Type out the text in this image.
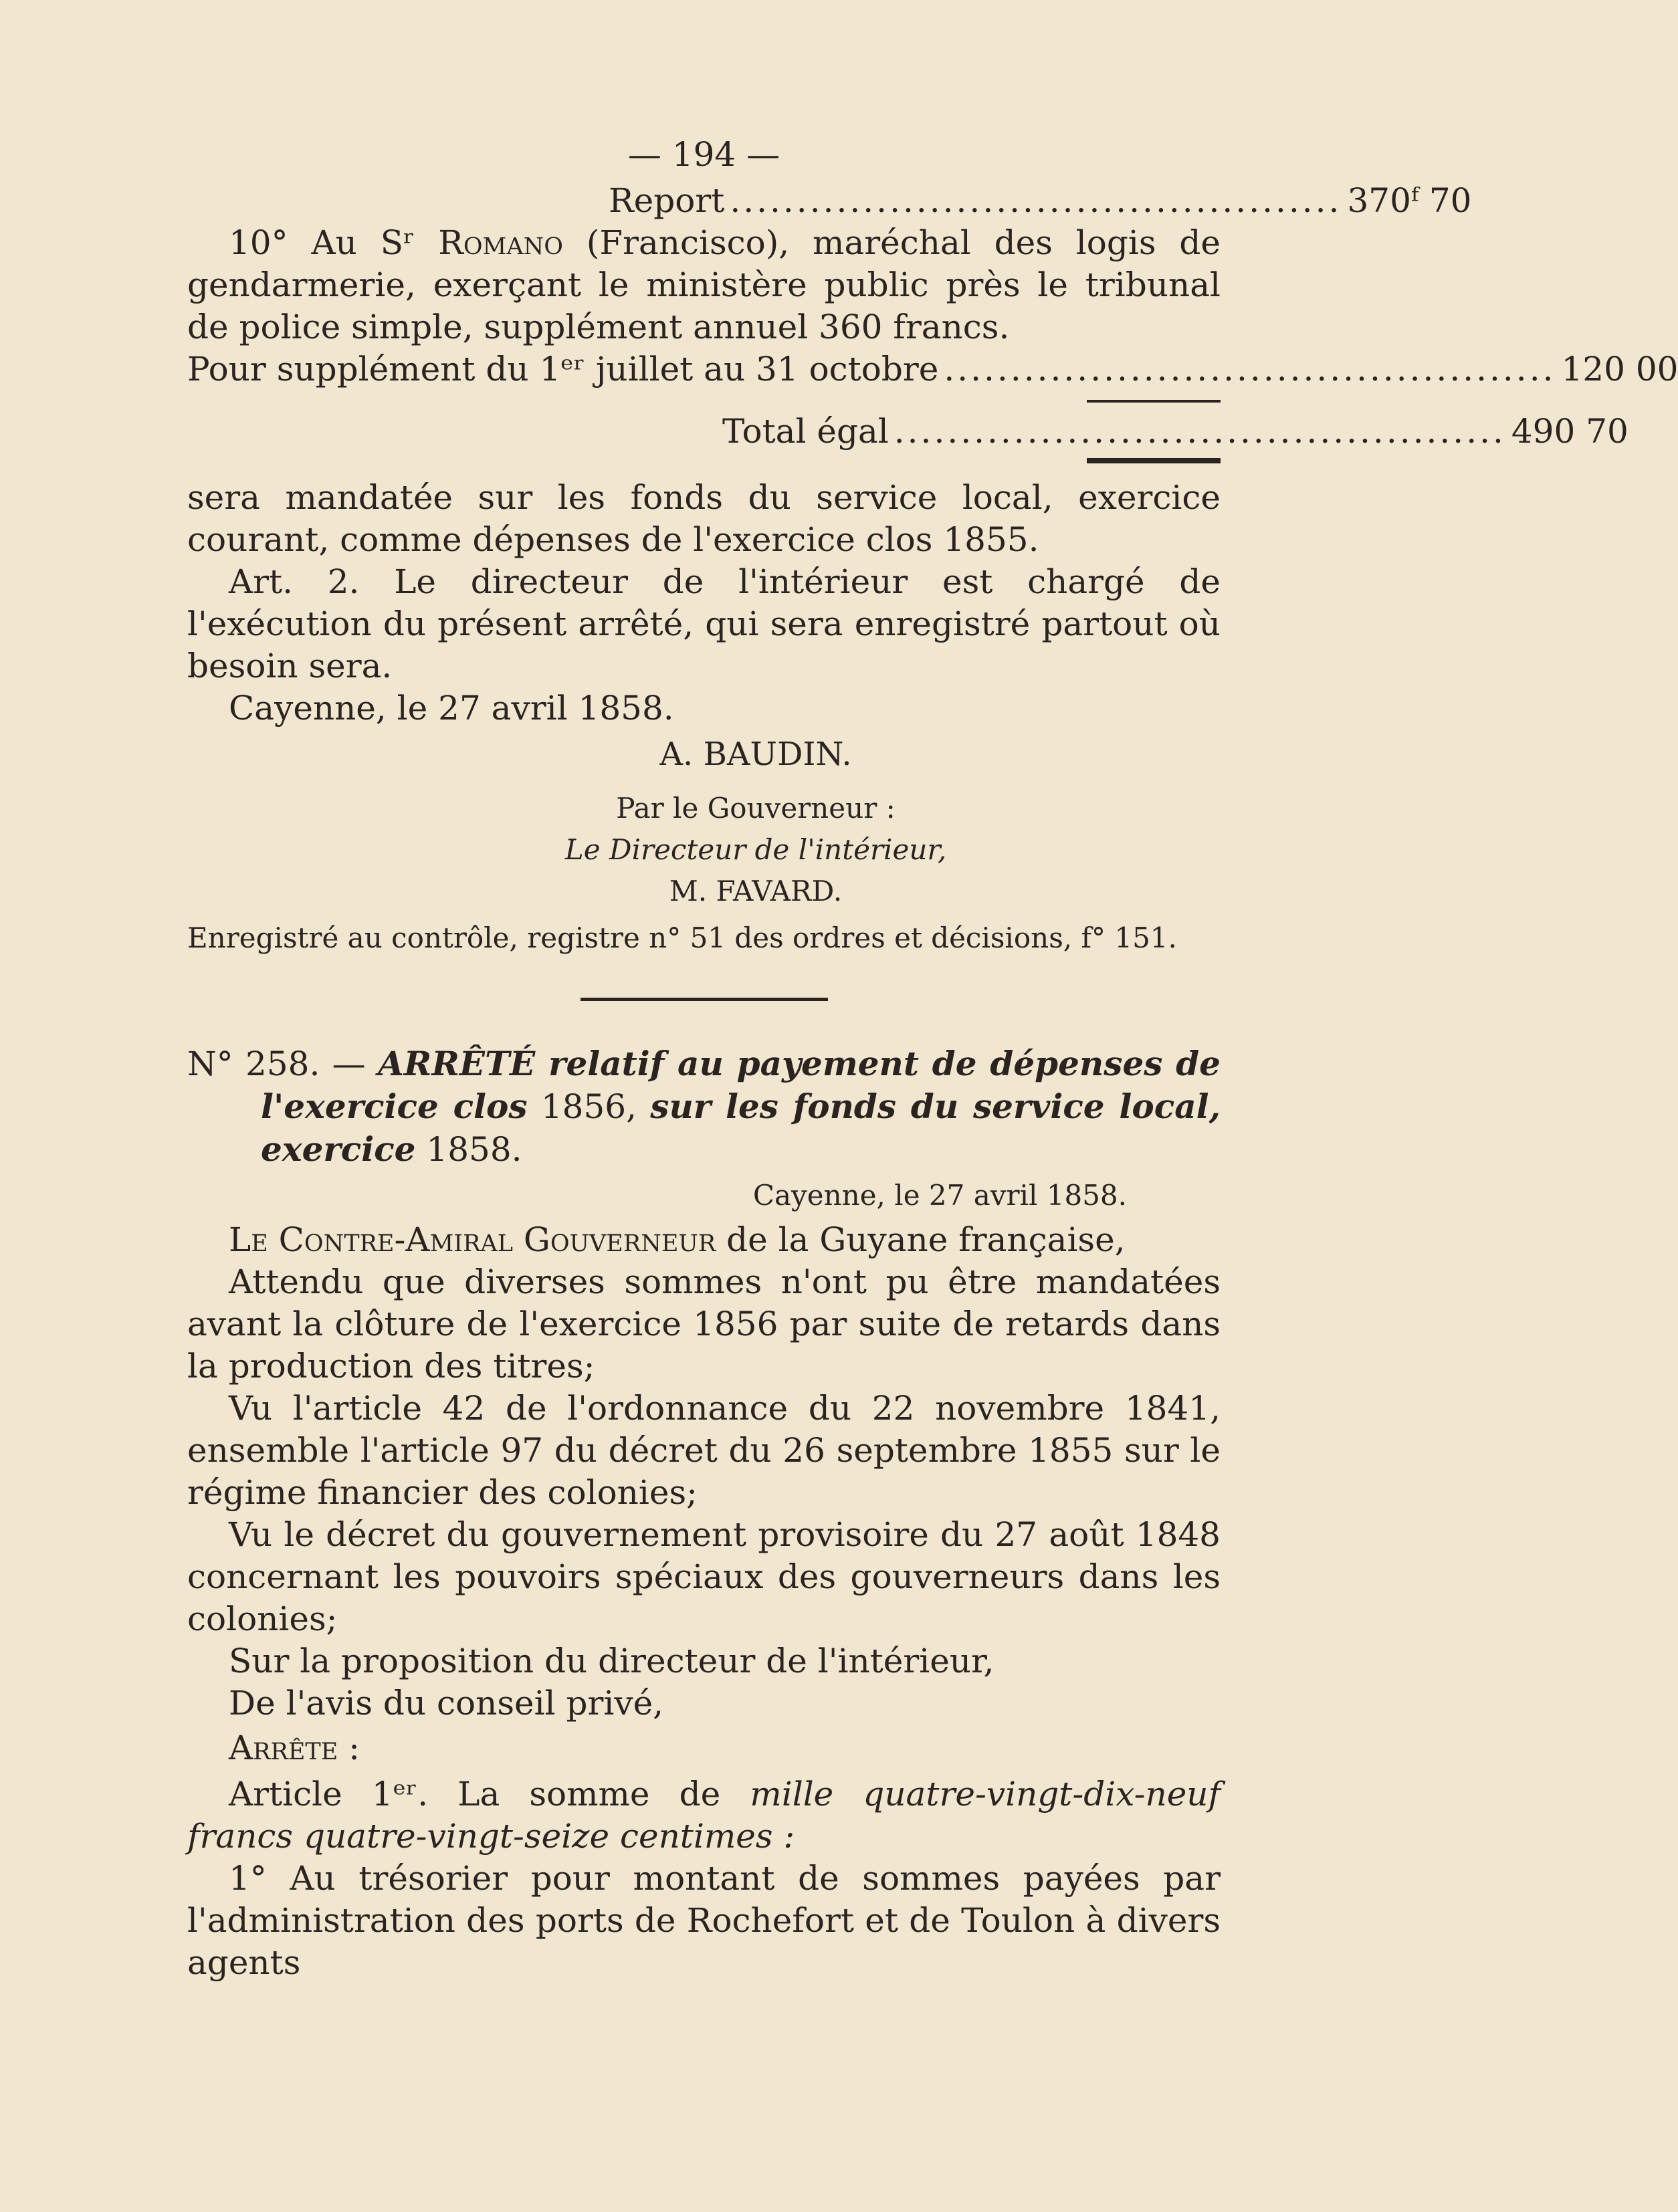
— 194 —

Report .............................................. 370ᶠ 70

10° Au Sʳ Romano (Francisco), maréchal des logis de gendarmerie, exerçant le ministère public près le tribunal de police simple, supplément annuel 360 francs.

Pour supplément du 1ᵉʳ juillet au 31 octobre .............................................. 120 00
Total égal .............................................. 490 70

sera mandatée sur les fonds du service local, exercice courant, comme dépenses de l'exercice clos 1855.

Art. 2. Le directeur de l'intérieur est chargé de l'exécution du présent arrêté, qui sera enregistré partout où besoin sera.

Cayenne, le 27 avril 1858.

A. BAUDIN.

Par le Gouverneur :

Le Directeur de l'intérieur,

M. FAVARD.

Enregistré au contrôle, registre n° 51 des ordres et décisions, f° 151.

N° 258. — ARRÊTÉ relatif au payement de dépenses de l'exercice clos 1856, sur les fonds du service local, exercice 1858.

Cayenne, le 27 avril 1858.

Le Contre-Amiral Gouverneur de la Guyane française,

Attendu que diverses sommes n'ont pu être mandatées avant la clôture de l'exercice 1856 par suite de retards dans la production des titres;

Vu l'article 42 de l'ordonnance du 22 novembre 1841, ensemble l'article 97 du décret du 26 septembre 1855 sur le régime financier des colonies;

Vu le décret du gouvernement provisoire du 27 août 1848 concernant les pouvoirs spéciaux des gouverneurs dans les colonies;

Sur la proposition du directeur de l'intérieur,

De l'avis du conseil privé,

Arrête :

Article 1ᵉʳ. La somme de mille quatre-vingt-dix-neuf francs quatre-vingt-seize centimes :

1° Au trésorier pour montant de sommes payées par l'administration des ports de Rochefort et de Toulon à divers agents
